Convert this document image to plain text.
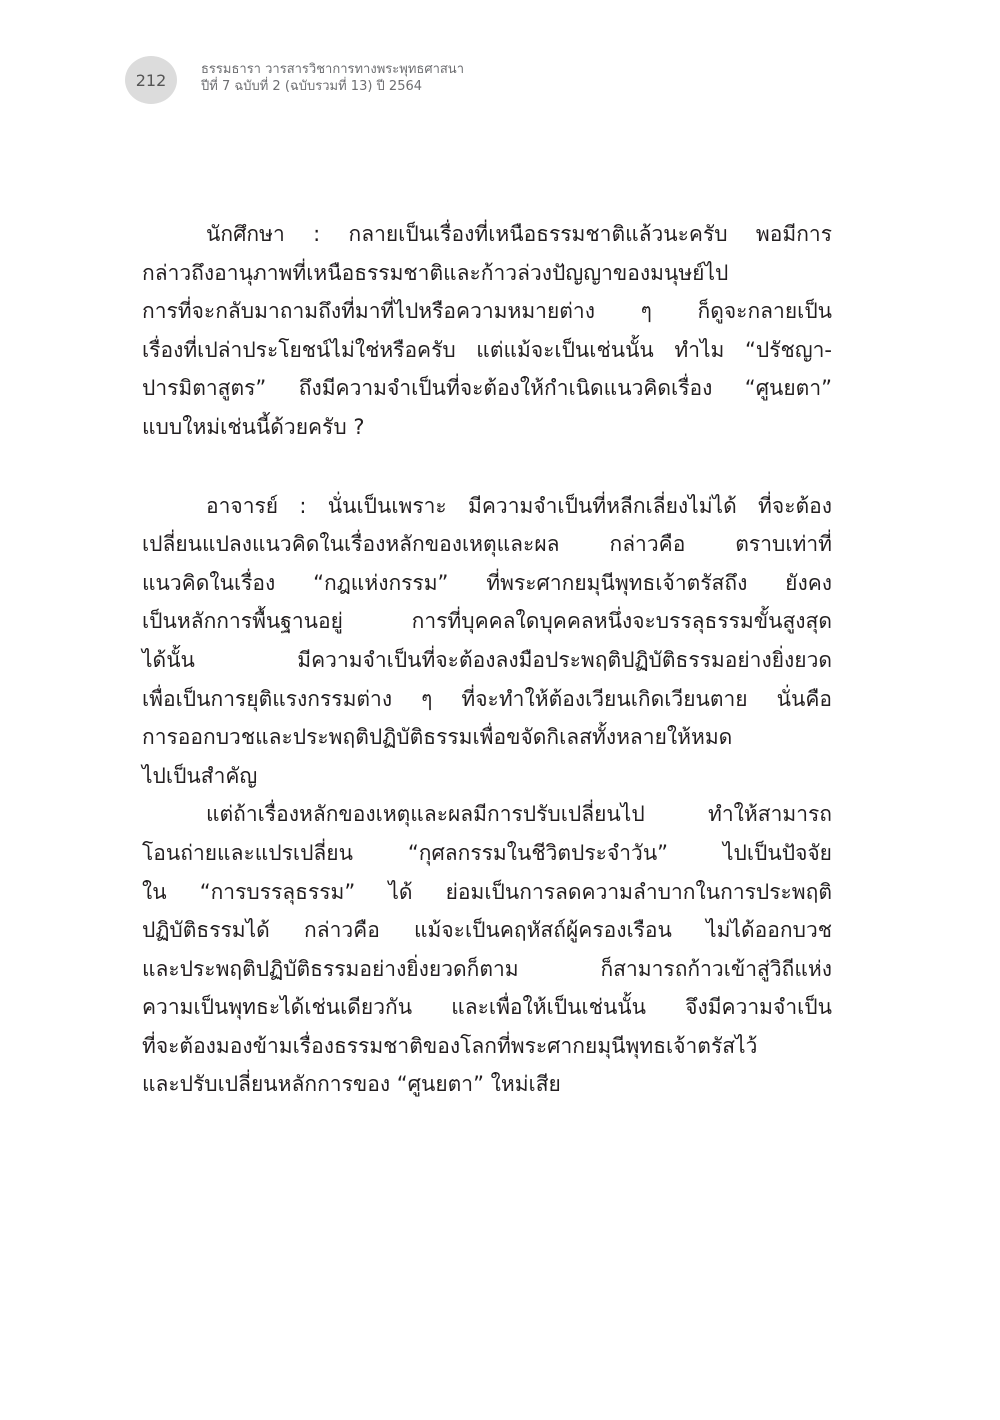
212
ธรรมธารา วารสารวิชาการทางพระพุทธศาสนา
ปีที่ 7 ฉบับที่ 2 (ฉบับรวมที่ 13) ปี 2564
นักศึกษา : กลายเป็นเรื่องที่เหนือธรรมชาติแล้วนะครับ พอมีการ
กล่าวถึงอานุภาพที่เหนือธรรมชาติและก้าวล่วงปัญญาของมนุษย์ไป
การที่จะกลับมาถามถึงที่มาที่ไปหรือความหมายต่าง ๆ ก็ดูจะกลายเป็น
เรื่องที่เปล่าประโยชน์ไม่ใช่หรือครับ แต่แม้จะเป็นเช่นนั้น ทำไม “ปรัชญา-
ปารมิตาสูตร” ถึงมีความจำเป็นที่จะต้องให้กำเนิดแนวคิดเรื่อง “ศูนยตา”
แบบใหม่เช่นนี้ด้วยครับ ?
อาจารย์ : นั่นเป็นเพราะ มีความจำเป็นที่หลีกเลี่ยงไม่ได้ ที่จะต้อง
เปลี่ยนแปลงแนวคิดในเรื่องหลักของเหตุและผล กล่าวคือ ตราบเท่าที่
แนวคิดในเรื่อง “กฎแห่งกรรม” ที่พระศากยมุนีพุทธเจ้าตรัสถึง ยังคง
เป็นหลักการพื้นฐานอยู่ การที่บุคคลใดบุคคลหนึ่งจะบรรลุธรรมขั้นสูงสุด
ได้นั้น มีความจำเป็นที่จะต้องลงมือประพฤติปฏิบัติธรรมอย่างยิ่งยวด
เพื่อเป็นการยุติแรงกรรมต่าง ๆ ที่จะทำให้ต้องเวียนเกิดเวียนตาย นั่นคือ
การออกบวชและประพฤติปฏิบัติธรรมเพื่อขจัดกิเลสทั้งหลายให้หมด
ไปเป็นสำคัญ
แต่ถ้าเรื่องหลักของเหตุและผลมีการปรับเปลี่ยนไป ทำให้สามารถ
โอนถ่ายและแปรเปลี่ยน “กุศลกรรมในชีวิตประจำวัน” ไปเป็นปัจจัย
ใน “การบรรลุธรรม” ได้ ย่อมเป็นการลดความลำบากในการประพฤติ
ปฏิบัติธรรมได้ กล่าวคือ แม้จะเป็นคฤหัสถ์ผู้ครองเรือน ไม่ได้ออกบวช
และประพฤติปฏิบัติธรรมอย่างยิ่งยวดก็ตาม ก็สามารถก้าวเข้าสู่วิถีแห่ง
ความเป็นพุทธะได้เช่นเดียวกัน และเพื่อให้เป็นเช่นนั้น จึงมีความจำเป็น
ที่จะต้องมองข้ามเรื่องธรรมชาติของโลกที่พระศากยมุนีพุทธเจ้าตรัสไว้
และปรับเปลี่ยนหลักการของ “ศูนยตา” ใหม่เสีย
